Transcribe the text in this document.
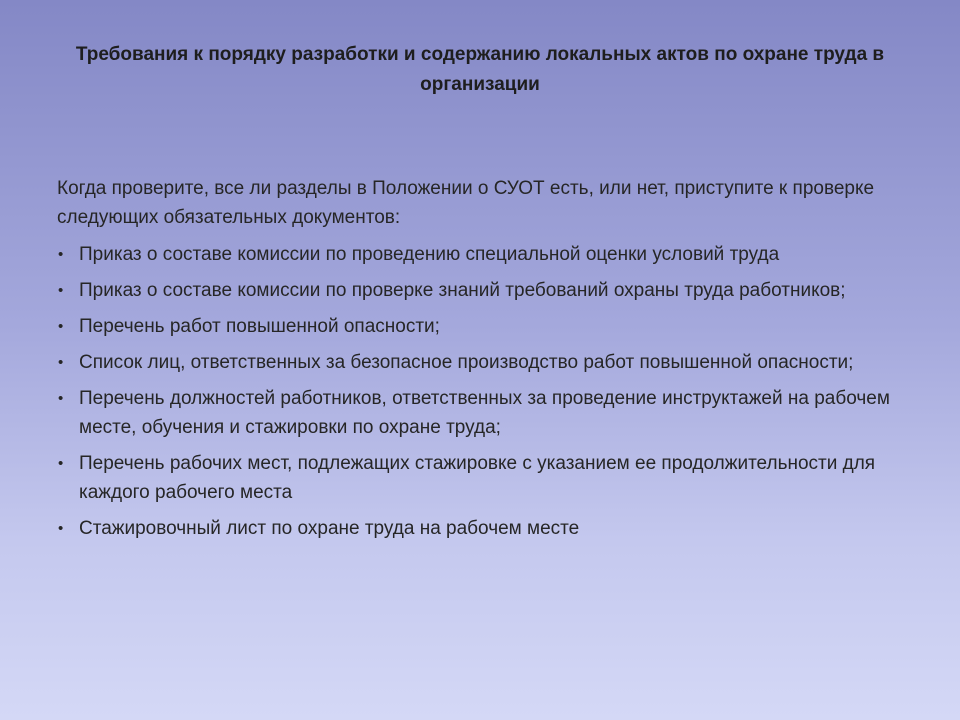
Требования к порядку разработки и содержанию локальных актов по охране труда в организации

Когда проверите, все ли разделы в Положении о СУОТ есть, или нет, приступите к проверке следующих обязательных документов:

• Приказ о составе комиссии по проведению специальной оценки условий труда
• Приказ о составе комиссии по проверке знаний требований охраны труда работников;
• Перечень работ повышенной опасности;
• Список лиц, ответственных за безопасное производство работ повышенной опасности;
• Перечень должностей работников, ответственных за проведение инструктажей на рабочем месте, обучения и стажировки по охране труда;
• Перечень рабочих мест, подлежащих стажировке с указанием ее продолжительности для каждого рабочего места
• Стажировочный лист по охране труда на рабочем месте
